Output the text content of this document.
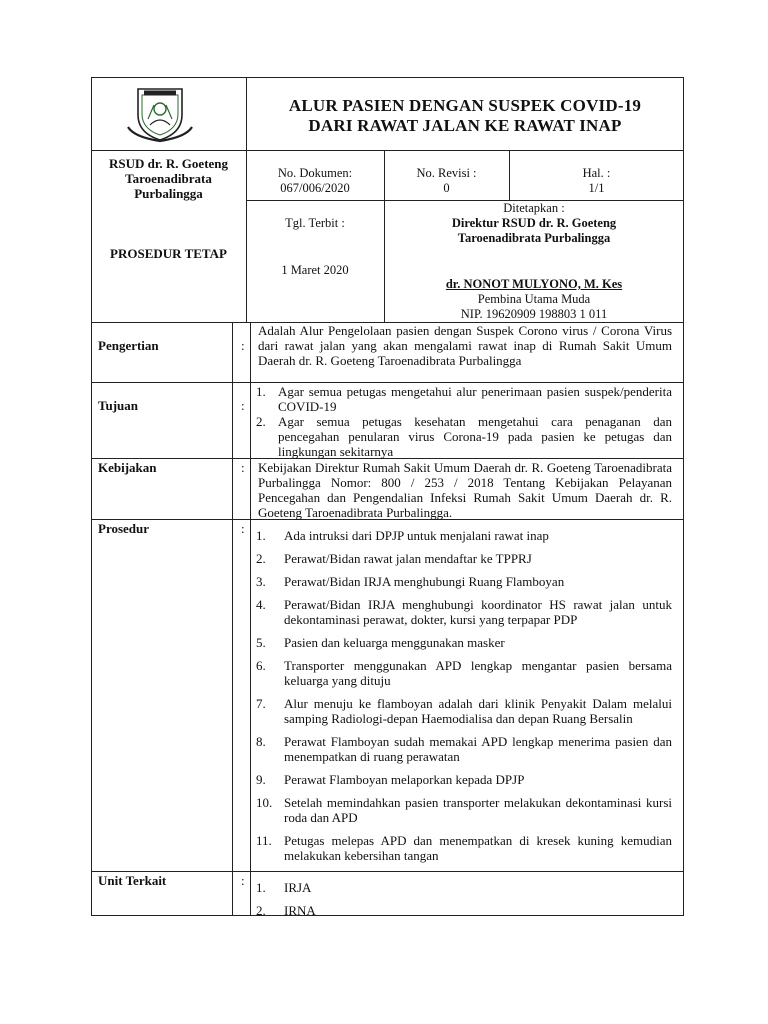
ALUR PASIEN DENGAN SUSPEK COVID-19
DARI RAWAT JALAN KE RAWAT INAP
RSUD dr. R. Goeteng
Taroenadibrata
Purbalingga
No. Dokumen:
067/006/2020
No. Revisi :
0
Hal. :
1/1
PROSEDUR TETAP
Tgl. Terbit :
1 Maret 2020
Ditetapkan :
Direktur RSUD dr. R. Goeteng
Taroenadibrata Purbalingga
dr. NONOT MULYONO, M. Kes
Pembina Utama Muda
NIP. 19620909 198803 1 011
Pengertian	:
Adalah Alur Pengelolaan pasien dengan Suspek Corono virus / Corona Virus dari rawat jalan yang akan mengalami rawat inap di Rumah Sakit Umum Daerah dr. R. Goeteng Taroenadibrata Purbalingga
Tujuan	:
1. Agar semua petugas mengetahui alur penerimaan pasien suspek/penderita COVID-19
2. Agar semua petugas kesehatan mengetahui cara penaganan dan pencegahan penularan virus Corona-19 pada pasien ke petugas dan lingkungan sekitarnya
Kebijakan	: Kebijakan Direktur Rumah Sakit Umum Daerah dr. R. Goeteng Taroenadibrata Purbalingga Nomor: 800 / 253 / 2018 Tentang Kebijakan Pelayanan Pencegahan dan Pengendalian Infeksi Rumah Sakit Umum Daerah dr. R. Goeteng Taroenadibrata Purbalingga.
Prosedur	: 1.	Ada intruksi dari DPJP untuk menjalani rawat inap
2.	Perawat/Bidan rawat jalan mendaftar ke TPPRJ
3.	Perawat/Bidan IRJA menghubungi Ruang Flamboyan
4.	Perawat/Bidan IRJA menghubungi koordinator HS rawat jalan untuk dekontaminasi perawat, dokter, kursi yang terpapar PDP
5.	Pasien dan keluarga menggunakan masker
6.	Transporter menggunakan APD lengkap mengantar pasien bersama keluarga yang dituju
7.	Alur menuju ke flamboyan adalah dari klinik Penyakit Dalam melalui samping Radiologi-depan Haemodialisa dan depan Ruang Bersalin
8.	Perawat Flamboyan sudah memakai APD lengkap menerima pasien dan menempatkan di ruang perawatan
9.	Perawat Flamboyan melaporkan kepada DPJP
10. Setelah memindahkan pasien transporter melakukan dekontaminasi kursi roda dan APD
11. Petugas melepas APD dan menempatkan di kresek kuning kemudian melakukan kebersihan tangan
Unit Terkait	: 1.	IRJA
2.	IRNA
